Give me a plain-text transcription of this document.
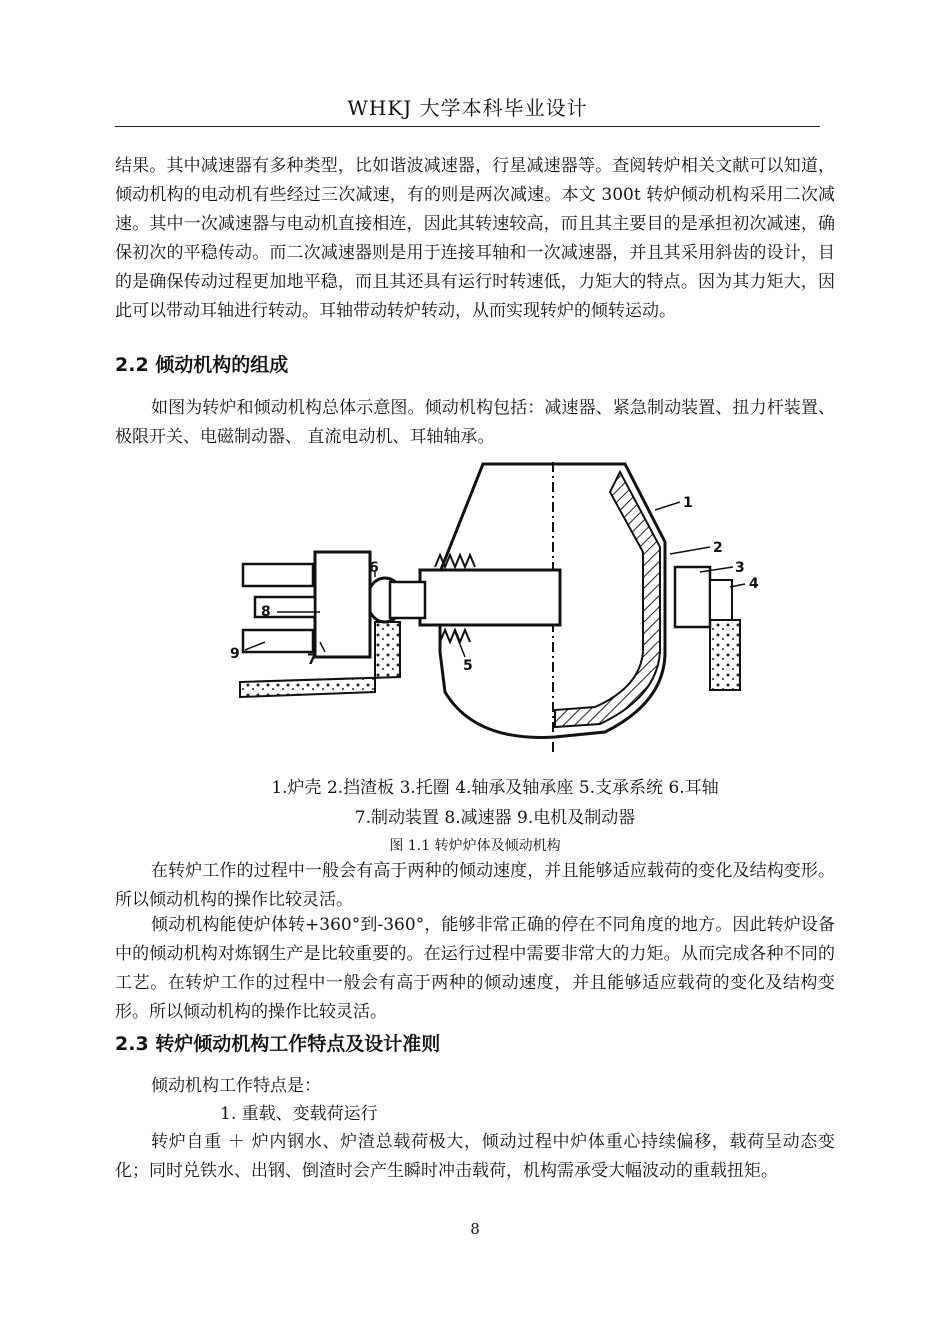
WHKJ 大学本科毕业设计

结果。其中减速器有多种类型，比如谐波减速器，行星减速器等。查阅转炉相关文献可以知道，倾动机构的电动机有些经过三次减速，有的则是两次减速。本文 300t 转炉倾动机构采用二次减速。其中一次减速器与电动机直接相连，因此其转速较高，而且其主要目的是承担初次减速，确保初次的平稳传动。而二次减速器则是用于连接耳轴和一次减速器，并且其采用斜齿的设计，目的是确保传动过程更加地平稳，而且其还具有运行时转速低，力矩大的特点。因为其力矩大，因此可以带动耳轴进行转动。耳轴带动转炉转动，从而实现转炉的倾转运动。

2.2 倾动机构的组成

如图为转炉和倾动机构总体示意图。倾动机构包括：减速器、紧急制动装置、扭力杆装置、极限开关、电磁制动器、 直流电动机、耳轴轴承。

1
2
3
4
5
6
7
8
9
1.炉壳 2.挡渣板 3.托圈 4.轴承及轴承座 5.支承系统 6.耳轴
7.制动装置 8.减速器 9.电机及制动器
图 1.1 转炉炉体及倾动机构

在转炉工作的过程中一般会有高于两种的倾动速度，并且能够适应载荷的变化及结构变形。所以倾动机构的操作比较灵活。

倾动机构能使炉体转+360°到-360°，能够非常正确的停在不同角度的地方。因此转炉设备中的倾动机构对炼钢生产是比较重要的。在运行过程中需要非常大的力矩。从而完成各种不同的工艺。在转炉工作的过程中一般会有高于两种的倾动速度，并且能够适应载荷的变化及结构变形。所以倾动机构的操作比较灵活。

2.3 转炉倾动机构工作特点及设计准则

倾动机构工作特点是：

1. 重载、变载荷运行

转炉自重 ＋ 炉内钢水、炉渣总载荷极大，倾动过程中炉体重心持续偏移，载荷呈动态变化；同时兑铁水、出钢、倒渣时会产生瞬时冲击载荷，机构需承受大幅波动的重载扭矩。

8
